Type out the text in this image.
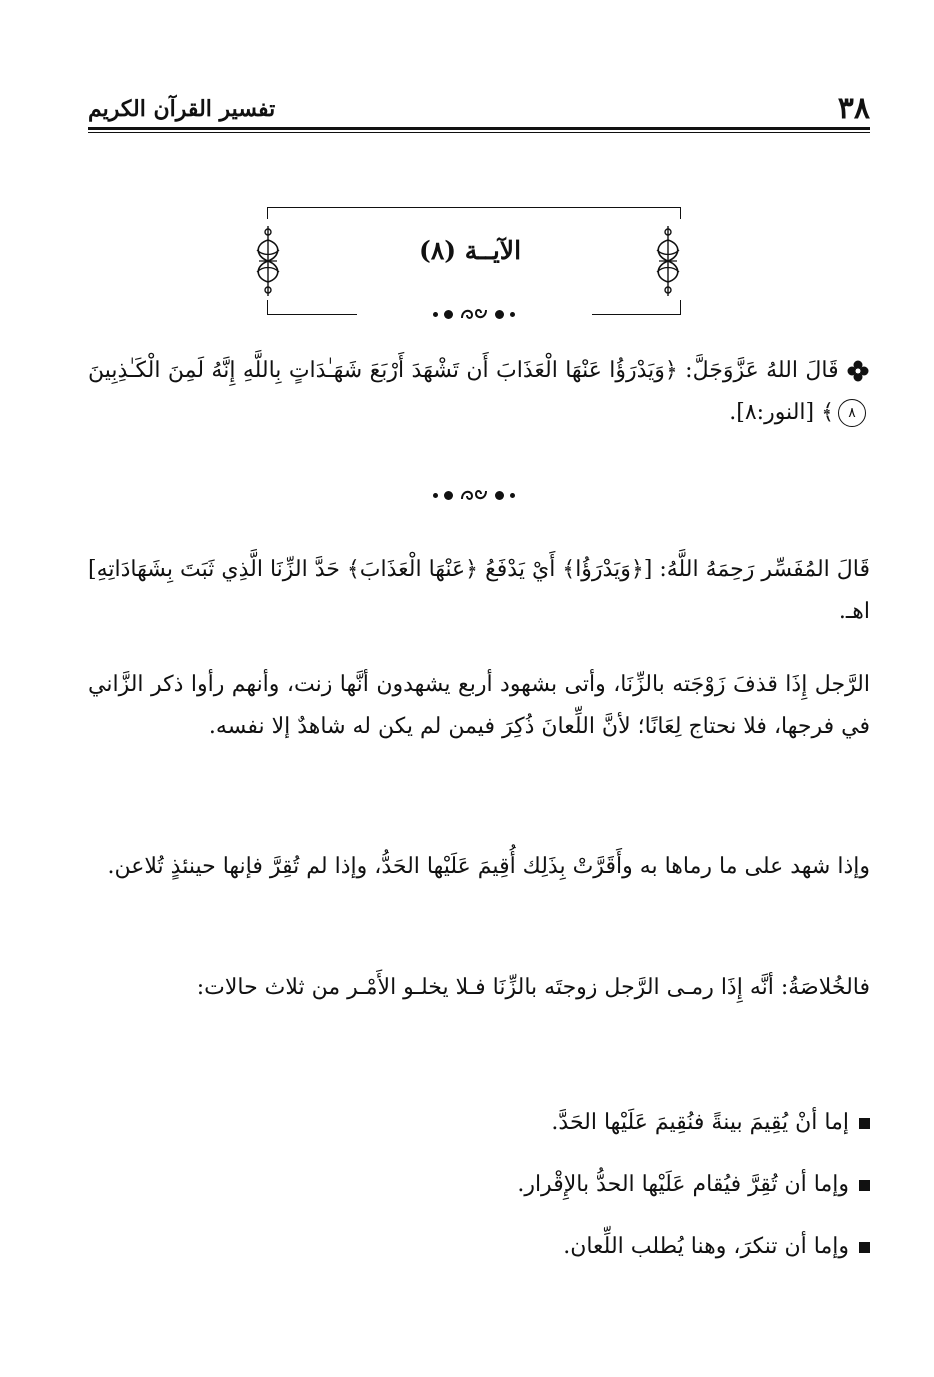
٣٨
تفسير القرآن الكريم
الآيــة (٨)

قَالَ اللهُ عَزَّوَجَلَّ: ﴿وَيَدْرَؤُا عَنْهَا الْعَذَابَ أَن تَشْهَدَ أَرْبَعَ شَهَـٰدَاتٍ بِاللَّهِ إِنَّهُ لَمِنَ الْكَـٰذِبِينَ ٨﴾ [النور:٨].

قَالَ المُفَسِّر رَحِمَهُ اللَّهُ: [﴿وَيَدْرَؤُا﴾ أَيْ يَدْفَعُ ﴿عَنْهَا الْعَذَابَ﴾ حَدَّ الزِّنَا الَّذِي ثَبَتَ بِشَهَادَاتِهِ] اهـ.

الرَّجل إِذَا قذفَ زَوْجَته بالزِّنَا، وأتى بشهود أربع يشهدون أنَّها زنت، وأنهم رأوا ذكر الزَّاني في فرجها، فلا نحتاج لِعَانًا؛ لأنَّ اللِّعانَ ذُكِرَ فيمن لم يكن له شاهدٌ إلا نفسه.

وإذا شهد على ما رماها به وأَقَرَّتْ بِذَلِك أُقِيمَ عَلَيْها الحَدُّ، وإذا لم تُقِرَّ فإنها حينئذٍ تُلاعن.

فالخُلاصَةُ: أنَّه إِذَا رمـى الرَّجل زوجتَه بالزِّنَا فـلا يخلـو الأَمْـر من ثلاث حالات:

إما أنْ يُقِيمَ بينةً فنُقِيمَ عَلَيْها الحَدَّ.
وإما أن تُقِرَّ فيُقام عَلَيْها الحدُّ بالإِقْرار.
وإما أن تنكرَ، وهنا يُطلب اللِّعان.
